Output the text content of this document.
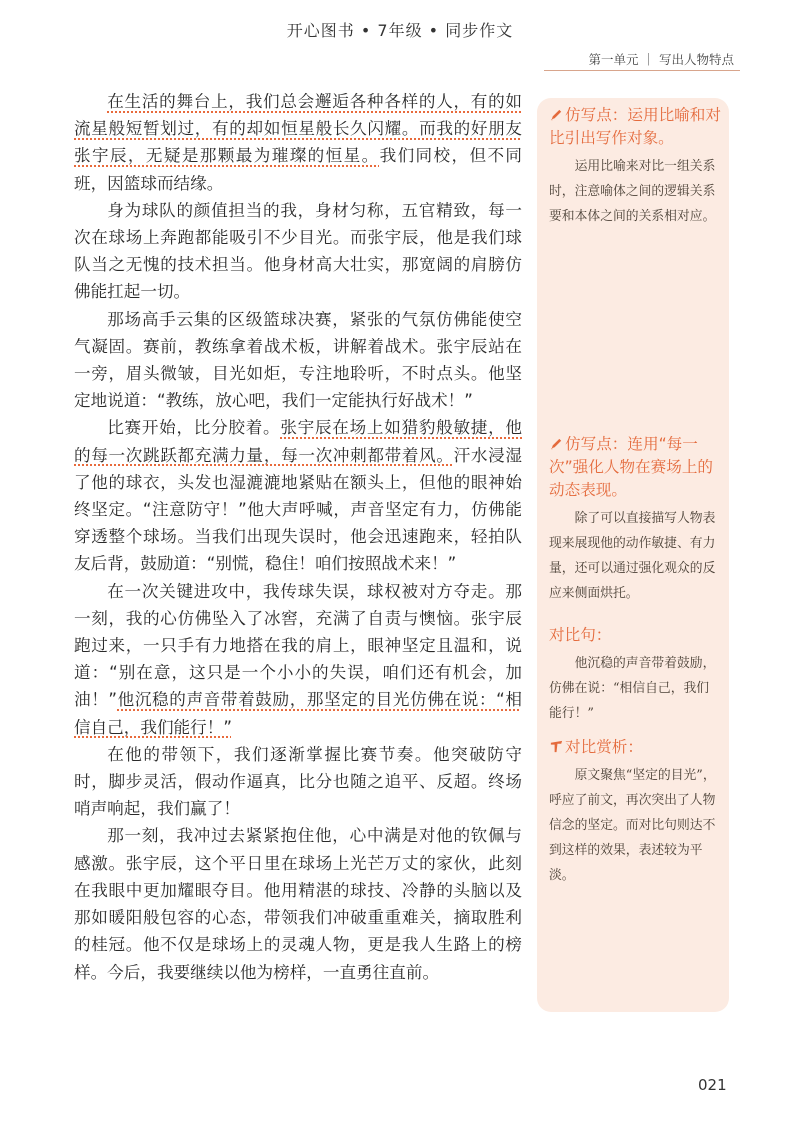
开心图书 • 7年级 • 同步作文
第一单元 ｜ 写出人物特点

在生活的舞台上，我们总会邂逅各种各样的人，有的如流星般短暂划过，有的却如恒星般长久闪耀。而我的好朋友张宇辰，无疑是那颗最为璀璨的恒星。我们同校，但不同班，因篮球而结缘。

身为球队的颜值担当的我，身材匀称，五官精致，每一次在球场上奔跑都能吸引不少目光。而张宇辰，他是我们球队当之无愧的技术担当。他身材高大壮实，那宽阔的肩膀仿佛能扛起一切。

那场高手云集的区级篮球决赛，紧张的气氛仿佛能使空气凝固。赛前，教练拿着战术板，讲解着战术。张宇辰站在一旁，眉头微皱，目光如炬，专注地聆听，不时点头。他坚定地说道：“教练，放心吧，我们一定能执行好战术！”

比赛开始，比分胶着。张宇辰在场上如猎豹般敏捷，他的每一次跳跃都充满力量，每一次冲刺都带着风。汗水浸湿了他的球衣，头发也湿漉漉地紧贴在额头上，但他的眼神始终坚定。“注意防守！”他大声呼喊，声音坚定有力，仿佛能穿透整个球场。当我们出现失误时，他会迅速跑来，轻拍队友后背，鼓励道：“别慌，稳住！咱们按照战术来！”

在一次关键进攻中，我传球失误，球权被对方夺走。那一刻，我的心仿佛坠入了冰窖，充满了自责与懊恼。张宇辰跑过来，一只手有力地搭在我的肩上，眼神坚定且温和，说道：“别在意，这只是一个小小的失误，咱们还有机会，加油！”他沉稳的声音带着鼓励，那坚定的目光仿佛在说：“相信自己，我们能行！”

在他的带领下，我们逐渐掌握比赛节奏。他突破防守时，脚步灵活，假动作逼真，比分也随之追平、反超。终场哨声响起，我们赢了！

那一刻，我冲过去紧紧抱住他，心中满是对他的钦佩与感激。张宇辰，这个平日里在球场上光芒万丈的家伙，此刻在我眼中更加耀眼夺目。他用精湛的球技、冷静的头脑以及那如暖阳般包容的心态，带领我们冲破重重难关，摘取胜利的桂冠。他不仅是球场上的灵魂人物，更是我人生路上的榜样。今后，我要继续以他为榜样，一直勇往直前。

仿写点：运用比喻和对比引出写作对象。

运用比喻来对比一组关系时，注意喻体之间的逻辑关系要和本体之间的关系相对应。

仿写点：连用“每一次”强化人物在赛场上的动态表现。

除了可以直接描写人物表现来展现他的动作敏捷、有力量，还可以通过强化观众的反应来侧面烘托。

对比句：

他沉稳的声音带着鼓励，仿佛在说：“相信自己，我们能行！”

对比赏析：

原文聚焦“坚定的目光”，呼应了前文，再次突出了人物信念的坚定。而对比句则达不到这样的效果，表述较为平淡。

021
